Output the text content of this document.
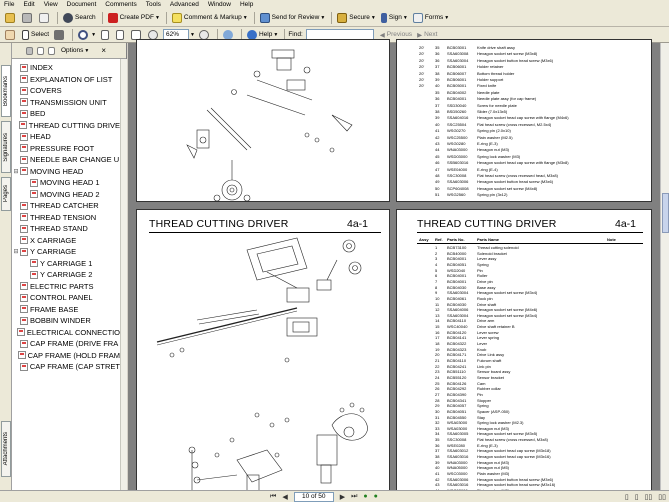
File Edit View Document Comments Tools Advanced Window Help
Search	Create PDF ▼	Comment & Markup ▼	Send for Review ▼	Secure ▼ Sign ▼	Forms ▼
Select	▼	62%	▼	Help ▼ Find:	◀ Previous ▶ Next
Bookmarks
Signatures
Pages
Attachments
Options▼ ×
INDEX
EXPLANATION OF LIST
COVERS
TRANSMISSION UNIT
BED
THREAD CUTTING DRIVE
HEAD
PRESSURE FOOT
NEEDLE BAR CHANGE U
⊟ MOVING HEAD
MOVING HEAD 1
MOVING HEAD 2
THREAD CATCHER
THREAD TENSION
THREAD STAND
X CARRIAGE
⊟ Y CARRIAGE
Y CARRIAGE 1
Y CARRIAGE 2
ELECTRIC PARTS
CONTROL PANEL
FRAME BASE
BOBBIN WINDER
ELECTRICAL CONNECTIO
CAP FRAME (DRIVE FRA
CAP FRAME (HOLD FRAM
CAP FRAME (CAP STRET
20'	35 BCB03001	Knife drive shaft assy
20'	36 SSA603008 Hexagon socket set screw (M3x8)
20'	36 SSA603004 Hexagon socket button head screw (M3x6)
20'	37 BCB06001	Holder retainer
20'	38 BCB06007	Bottom thread holder
20'	39 BCB06001	Holder support
20'	40 BCB05001	Fixed knife
35 BCB04002	Needle plate
36 BCB04001	Needle plate assy (for cap frame)
37 SSD30040	Screw for needle plate
38 BSD50260	Slider (7.0x13x5)
39 SSA604016 Hexagon socket head cap screw with flange (M4x6)
40 SSC25504	Flat head screw (cross recessed, M2.5x4)
41 WSG0270	Spring pin (2.0x10)
42 WSC25500 Plain washer (M2.5)
43 WSG0280	E-ring (E-3)
44 WNA03000 Hexagon nut (M3)
45 WSD03000 Spring lock washer (M3)
46 SSB603016 Hexagon socket head cap screw with flange (M3x8)
47 WSE04000 E-ring (E-4)
48 SSC30008	Flat head screw (cross recessed head, M3x8)
49 SSA603006 Hexagon socket button head screw (M3x6)
50 SCP604008 Hexagon socket set screw (M4x8)
51 WSG2560	Spring pin (3x12)
THREAD CUTTING DRIVER	4a-1	THREAD CUTTING DRIVER	4a-1
Assy Ref. Parts No.	Parts Name	Note
1 BCB73100	Thread cutting solenoid
2 BCB40000	Solenoid bracket
3 BCB04001	Lever assy
4 BCB04051	Spring
5 WSD2040	Pin
6 BCB04001	Roller
7 BCB04001	Drive pin
8 BCB04030	Base assy
9 SSA603004 Hexagon socket set screw (M3x4)
10 BCB04061	Rock pin
11 BCB04030	Drive shaft
12 SSA604006 Hexagon socket set screw (M4x6)
13 SSA603004 Hexagon socket set screw (M3x4)
14 BCB04110	Drive arm
15 WSC40040 Drive shaft retainer B
16 BCB04120	Lever screw
17 BCB04141	Lever spring
18 BCB04322	Lever
19 BCB04323	Knob
20 BCB04171	Drive Link assy
21 BCB04110	Fulcrum shaft
22 BCB04241	Link pin
23 BCB51110	Sensor board assy
24 BCB55120	Sensor bracket
25 BCB04126	Cam
26 BCB04292	Rubber collar
27 BCB04390	Pin
28 BCB04341	Stopper
29 BCB04057	Spring
30 BCB04051	Spacer (ASP-050)
31 BCB04550	Stay
32 WSA03000 Spring lock washer (M2.3)
33 WSA03000 Hexagon nut (M3)
34 SSA603005 Hexagon socket set screw (M3x5)
35 SSC30008	Flat head screw (cross recessed, M3x8)
36 WSE0280	E-ring (E-3)
37 SSA603012 Hexagon socket head cap screw (M3x18)
38 SSA603016 Hexagon socket head cap screw (M3x16)
39 WNA03000 Hexagon nut (M3)
40 WNA05000 Hexagon nut (M5)
41 WSC03000 Plain washer (M3)
42 SSA603006 Hexagon socket button head screw (M3x6)
43 SSA603016 Hexagon socket button head screw (M3x16)
⏮ ◀	10 of 50	▶ ⏭ ● ●	▯ ▯ ▯▯ ▯▯
